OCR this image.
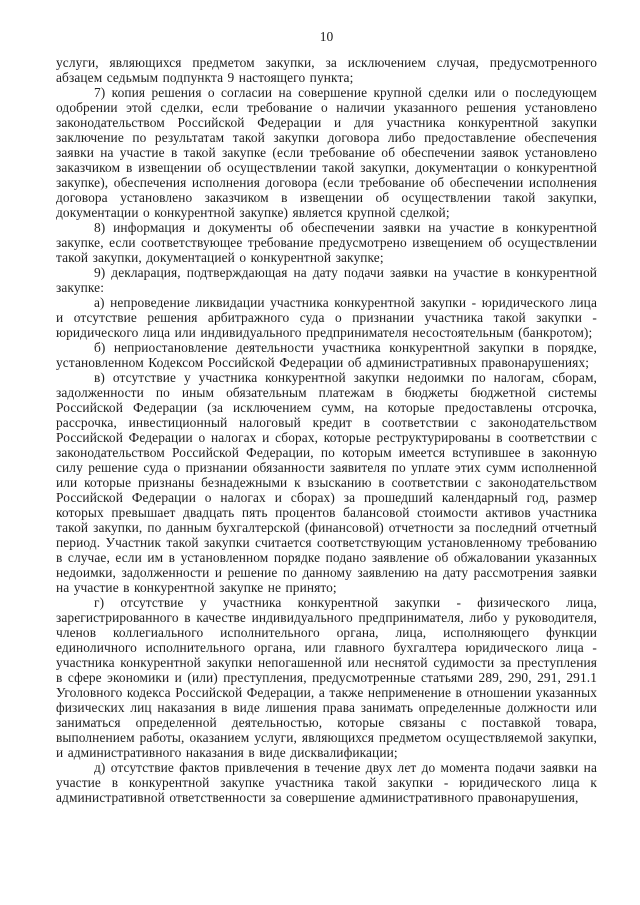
10

услуги, являющихся предметом закупки, за исключением случая, предусмотренного абзацем седьмым подпункта 9 настоящего пункта;

7) копия решения о согласии на совершение крупной сделки или о последующем одобрении этой сделки, если требование о наличии указанного решения установлено законодательством Российской Федерации и для участника конкурентной закупки заключение по результатам такой закупки договора либо предоставление обеспечения заявки на участие в такой закупке (если требование об обеспечении заявок установлено заказчиком в извещении об осуществлении такой закупки, документации о конкурентной закупке), обеспечения исполнения договора (если требование об обеспечении исполнения договора установлено заказчиком в извещении об осуществлении такой закупки, документации о конкурентной закупке) является крупной сделкой;

8) информация и документы об обеспечении заявки на участие в конкурентной закупке, если соответствующее требование предусмотрено извещением об осуществлении такой закупки, документацией о конкурентной закупке;

9) декларация, подтверждающая на дату подачи заявки на участие в конкурентной закупке:

а) непроведение ликвидации участника конкурентной закупки - юридического лица и отсутствие решения арбитражного суда о признании участника такой закупки - юридического лица или индивидуального предпринимателя несостоятельным (банкротом);

б) неприостановление деятельности участника конкурентной закупки в порядке, установленном Кодексом Российской Федерации об административных правонарушениях;

в) отсутствие у участника конкурентной закупки недоимки по налогам, сборам, задолженности по иным обязательным платежам в бюджеты бюджетной системы Российской Федерации (за исключением сумм, на которые предоставлены отсрочка, рассрочка, инвестиционный налоговый кредит в соответствии с законодательством Российской Федерации о налогах и сборах, которые реструктурированы в соответствии с законодательством Российской Федерации, по которым имеется вступившее в законную силу решение суда о признании обязанности заявителя по уплате этих сумм исполненной или которые признаны безнадежными к взысканию в соответствии с законодательством Российской Федерации о налогах и сборах) за прошедший календарный год, размер которых превышает двадцать пять процентов балансовой стоимости активов участника такой закупки, по данным бухгалтерской (финансовой) отчетности за последний отчетный период. Участник такой закупки считается соответствующим установленному требованию в случае, если им в установленном порядке подано заявление об обжаловании указанных недоимки, задолженности и решение по данному заявлению на дату рассмотрения заявки на участие в конкурентной закупке не принято;

г) отсутствие у участника конкурентной закупки - физического лица, зарегистрированного в качестве индивидуального предпринимателя, либо у руководителя, членов коллегиального исполнительного органа, лица, исполняющего функции единоличного исполнительного органа, или главного бухгалтера юридического лица - участника конкурентной закупки непогашенной или неснятой судимости за преступления в сфере экономики и (или) преступления, предусмотренные статьями 289, 290, 291, 291.1 Уголовного кодекса Российской Федерации, а также неприменение в отношении указанных физических лиц наказания в виде лишения права занимать определенные должности или заниматься определенной деятельностью, которые связаны с поставкой товара, выполнением работы, оказанием услуги, являющихся предметом осуществляемой закупки, и административного наказания в виде дисквалификации;

д) отсутствие фактов привлечения в течение двух лет до момента подачи заявки на участие в конкурентной закупке участника такой закупки - юридического лица к административной ответственности за совершение административного правонарушения,
